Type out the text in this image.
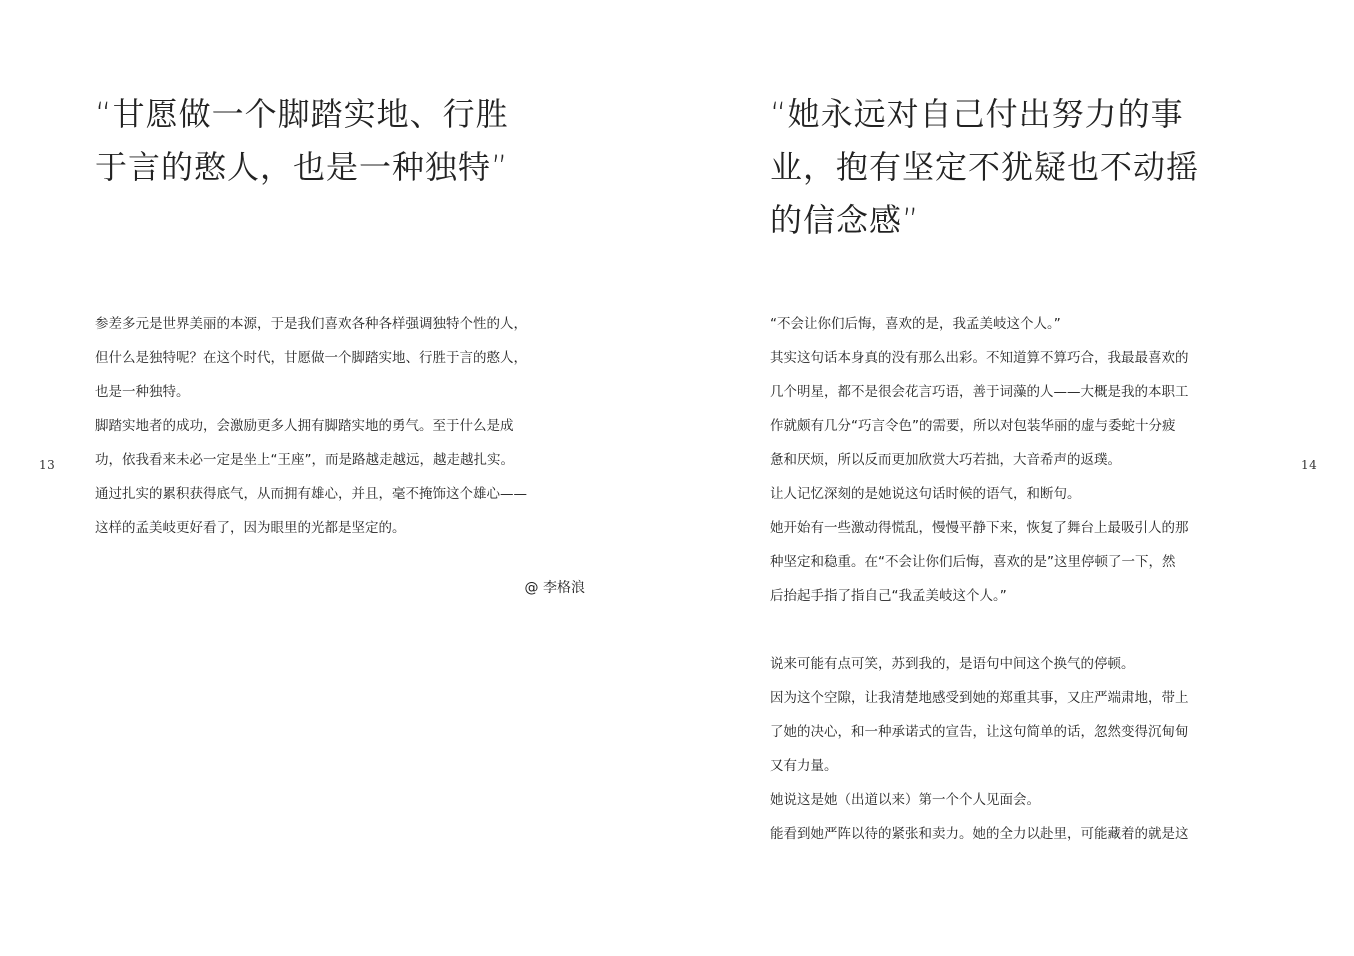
13
“甘愿做一个脚踏实地、行胜
于言的憨人，也是一种独特”
参差多元是世界美丽的本源，于是我们喜欢各种各样强调独特个性的人，
但什么是独特呢？在这个时代，甘愿做一个脚踏实地、行胜于言的憨人，
也是一种独特。
脚踏实地者的成功，会激励更多人拥有脚踏实地的勇气。至于什么是成
功，依我看来未必一定是坐上“王座”，而是路越走越远，越走越扎实。
通过扎实的累积获得底气，从而拥有雄心，并且，毫不掩饰这个雄心——
这样的孟美岐更好看了，因为眼里的光都是坚定的。
@ 李格浪
14
“她永远对自己付出努力的事
业，抱有坚定不犹疑也不动摇
的信念感”
“不会让你们后悔，喜欢的是，我孟美岐这个人。”
其实这句话本身真的没有那么出彩。不知道算不算巧合，我最最喜欢的
几个明星，都不是很会花言巧语，善于词藻的人——大概是我的本职工
作就颇有几分“巧言令色”的需要，所以对包装华丽的虚与委蛇十分疲
惫和厌烦，所以反而更加欣赏大巧若拙，大音希声的返璞。
让人记忆深刻的是她说这句话时候的语气，和断句。
她开始有一些激动得慌乱，慢慢平静下来，恢复了舞台上最吸引人的那
种坚定和稳重。在“不会让你们后悔，喜欢的是”这里停顿了一下，然
后抬起手指了指自己“我孟美岐这个人。”
说来可能有点可笑，苏到我的，是语句中间这个换气的停顿。
因为这个空隙，让我清楚地感受到她的郑重其事，又庄严端肃地，带上
了她的决心，和一种承诺式的宣告，让这句简单的话，忽然变得沉甸甸
又有力量。
她说这是她（出道以来）第一个个人见面会。
能看到她严阵以待的紧张和卖力。她的全力以赴里，可能藏着的就是这
